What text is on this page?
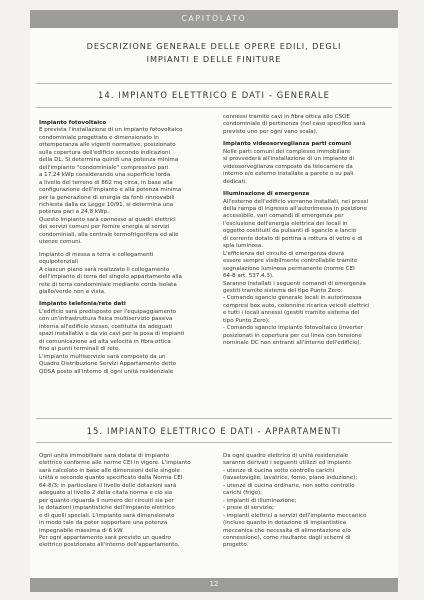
CAPITOLATO
DESCRIZIONE GENERALE DELLE OPERE EDILI, DEGLI
IMPIANTI E DELLE FINITURE
14. IMPIANTO ELETTRICO E DATI - GENERALE

Impianto fotovoltaico

È prevista l'installazione di un impianto fotovoltaico

condominiale progettato e dimensionato in

ottemperanza alle vigenti normative, posizionato

sulla copertura dell'edificio secondo indicazioni

della DL. Si determina quindi una potenza minima

dell'impianto "condominiale" compressivo pari

a 17,24 kWp considerando una superficie lorda

a livello del terreno di 862 mq circa, in base alla

configurazione dell'impianto e alla potenza minima

per la generazione di energia da fonti rinnovabili

richiesta dalla ex Legge 10/91, si determina una

potenza pari a 24,8 kWp.

Questo impianto sarà connesso ai quadri elettrici

dei servizi comuni per fornire energia ai servizi

condominiali, alla centrale termofrigorifera ed alle

utenze comuni.

Impianto di messa a terra e collegamenti

equipotenziali

A ciascun piano sarà realizzato il collegamento

dell'impianto di terra del singolo appartamento alla

rete di terra condominiale mediante corda isolata

giallo/verde non a vista.

Impianto telefonia/rete dati

L'edificio sarà predisposto per l'equipaggiamento

con un'infrastruttura fisica multiservizio passiva

interna all'edificio stesso, costituita da adeguati

spazi installativi e da vie cavi per la posa di impianti

di comunicazione ad alta velocità in fibra ottica

fino ai punti terminali di rete.

L'impianto multiservizio sarà composto da un

Quadro Distribuzione Servizi Appartamento detto

QDSA posto all'interno di ogni unità residenziale

connessi tramite cavi in fibra ottica allo CSOE

condominiale di pertinenza (nel caso specifico sarà

previsto uno per ogni vano scala).

Impianto videosorveglianza parti comuni

Nelle parti comuni del complesso immobiliare

si provvederà all'installazione di un impianto di

videosorveglianza composto da telecamere da

interno e/o esterno installate a parete o su pali

dedicati.

Illuminazione di emergenza

All'esterno dell'edificio verranno installati, nei pressi

della rampa di ingresso all'autorimessa in posizione

accessibile, vari comandi di emergenza per

l'esclusione dell'energia elettrica dei locali in

oggetto costituiti da pulsanti di sgancio a lancio

di corrente dotato di portina a rottura di vetro e di

spia luminosa.

L'efficienza del circuito di emergenza dovrà

essere sempre visibilmente controllabile tramite

segnalazione luminosa permanente (norme CEI

64-8 art. 537.4.3).

Saranno installati i seguenti comandi di emergenza

gestiti tramite sistema del tipo Punto Zero:

- Comando sgancio generale locali in autorimessa

compresi box auto, colonnine ricarica veicoli elettrici

e tutti i locali annessi (gestiti tramite sistema del

tipo Punto Zero);

- Comando sgancio impianto fotovoltaico (inverter

posizionati in copertura per cui linea con tensione

nominale DC non entranti all'interno dell'edificio).

15. IMPIANTO ELETTRICO E DATI - APPARTAMENTI

Ogni unità immobiliare sarà dotata di impianto

elettrico conforme alle norme CEI in vigore. L'impianto

sarà calcolato in base alle dimensioni delle singole

unità e secondo quanto specificato dalla Norma CEI

64-8/3; in particolare il livello delle dotazioni sarà

adeguato al livello 2 della citata norma e ciò sia

per quanto riguarda il numero dei circuiti sia per

le dotazioni impiantistiche dell'impianto elettrico

e di quelli speciali. L'impianto sarà dimensionato

in modo tale da poter sopportare una potenza

impegnabile massima di 6 kW.

Per ogni appartamento sarà previsto un quadro

elettrico posizionato all'interno dell'appartamento.

Da ogni quadro elettrico di unità residenziale

saranno derivati i seguenti utilizzi ed impianti:

- utenze di cucina sotto controllo carichi

(lavastoviglie, lavatrice, forno, piano induzione);

- utenze di cucina ordinarie, non sotto controllo

carichi (frigo);

- impianti di illuminazione;

- prese di servizio;

- impianti elettrici a servizi dell'impianto meccanico

(incluso quanto in dotazione di impiantistica

meccanica che necessita di alimentazione e/o

connessione), come risultante dagli schemi di

progetto.

12
